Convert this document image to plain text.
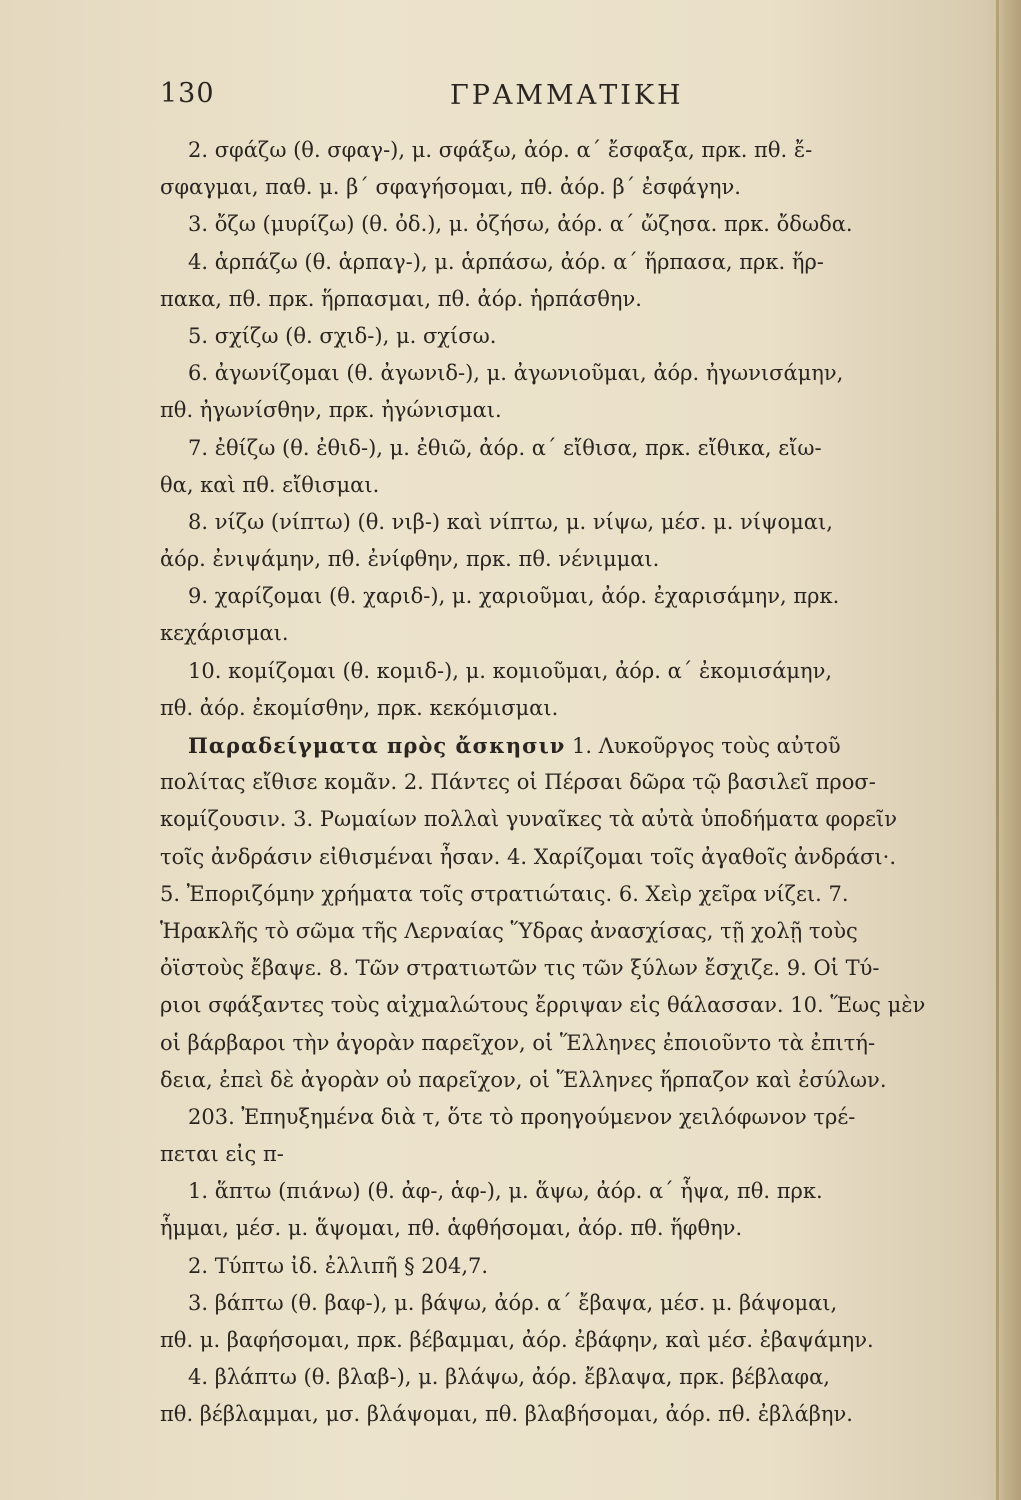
130	ΓΡΑΜΜΑΤΙΚΗ
2. σφάζω (θ. σφαγ-), μ. σφάξω, ἀόρ. α΄ ἔσφαξα, πρκ. πθ. ἔ-
σφαγμαι, παθ. μ. β΄ σφαγήσομαι, πθ. ἀόρ. β΄ ἐσφάγην.
3. ὄζω (μυρίζω) (θ. ὀδ.), μ. ὀζήσω, ἀόρ. α΄ ὤζησα. πρκ. ὄδωδα.
4. ἁρπάζω (θ. ἁρπαγ-), μ. ἁρπάσω, ἀόρ. α΄ ἥρπασα, πρκ. ἥρ-
πακα, πθ. πρκ. ἥρπασμαι, πθ. ἀόρ. ἡρπάσθην.
5. σχίζω (θ. σχιδ-), μ. σχίσω.
6. ἀγωνίζομαι (θ. ἀγωνιδ-), μ. ἀγωνιοῦμαι, ἀόρ. ἠγωνισάμην,
πθ. ἠγωνίσθην, πρκ. ἠγώνισμαι.
7. ἐθίζω (θ. ἐθιδ-), μ. ἐθιῶ, ἀόρ. α΄ εἴθισα, πρκ. εἴθικα, εἴω-
θα, καὶ πθ. εἴθισμαι.
8. νίζω (νίπτω) (θ. νιβ-) καὶ νίπτω, μ. νίψω, μέσ. μ. νίψομαι,
ἀόρ. ἐνιψάμην, πθ. ἐνίφθην, πρκ. πθ. νένιμμαι.
9. χαρίζομαι (θ. χαριδ-), μ. χαριοῦμαι, ἀόρ. ἐχαρισάμην, πρκ.
κεχάρισμαι.
10. κομίζομαι (θ. κομιδ-), μ. κομιοῦμαι, ἀόρ. α΄ ἐκομισάμην,
πθ. ἀόρ. ἐκομίσθην, πρκ. κεκόμισμαι.
Παραδείγματα πρὸς ἄσκησιν 1. Λυκοῦργος τοὺς αὐτοῦ
πολίτας εἴθισε κομᾶν. 2. Πάντες οἱ Πέρσαι δῶρα τῷ βασιλεῖ προσ-
κομίζουσιν. 3. Ρωμαίων πολλαὶ γυναῖκες τὰ αὐτὰ ὑποδήματα φορεῖν
τοῖς ἀνδράσιν εἰθισμέναι ἦσαν. 4. Χαρίζομαι τοῖς ἀγαθοῖς ἀνδράσι·.
5. Ἐποριζόμην χρήματα τοῖς στρατιώταις. 6. Χεὶρ χεῖρα νίζει. 7.
Ἡρακλῆς τὸ σῶμα τῆς Λερναίας Ὕδρας ἀνασχίσας, τῇ χολῇ τοὺς
ὀϊστοὺς ἔβαψε. 8. Τῶν στρατιωτῶν τις τῶν ξύλων ἔσχιζε. 9. Οἱ Τύ-
ριοι σφάξαντες τοὺς αἰχμαλώτους ἔρριψαν εἰς θάλασσαν. 10. Ἕως μὲν
οἱ βάρβαροι τὴν ἀγορὰν παρεῖχον, οἱ Ἕλληνες ἐποιοῦντο τὰ ἐπιτή-
δεια, ἐπεὶ δὲ ἀγορὰν οὐ παρεῖχον, οἱ Ἕλληνες ἥρπαζον καὶ ἐσύλων.
203. Ἐπηυξημένα διὰ τ, ὅτε τὸ προηγούμενον χειλόφωνον τρέ-
πεται εἰς π-
1. ἅπτω (πιάνω) (θ. ἀφ-, ἁφ-), μ. ἅψω, ἀόρ. α΄ ἧψα, πθ. πρκ.
ἧμμαι, μέσ. μ. ἅψομαι, πθ. ἁφθήσομαι, ἀόρ. πθ. ἥφθην.
2. Τύπτω ἰδ. ἐλλιπῆ § 204,7.
3. βάπτω (θ. βαφ-), μ. βάψω, ἀόρ. α΄ ἔβαψα, μέσ. μ. βάψομαι,
πθ. μ. βαφήσομαι, πρκ. βέβαμμαι, ἀόρ. ἐβάφην, καὶ μέσ. ἐβαψάμην.
4. βλάπτω (θ. βλαβ-), μ. βλάψω, ἀόρ. ἔβλαψα, πρκ. βέβλαφα,
πθ. βέβλαμμαι, μσ. βλάψομαι, πθ. βλαβήσομαι, ἀόρ. πθ. ἐβλάβην.
